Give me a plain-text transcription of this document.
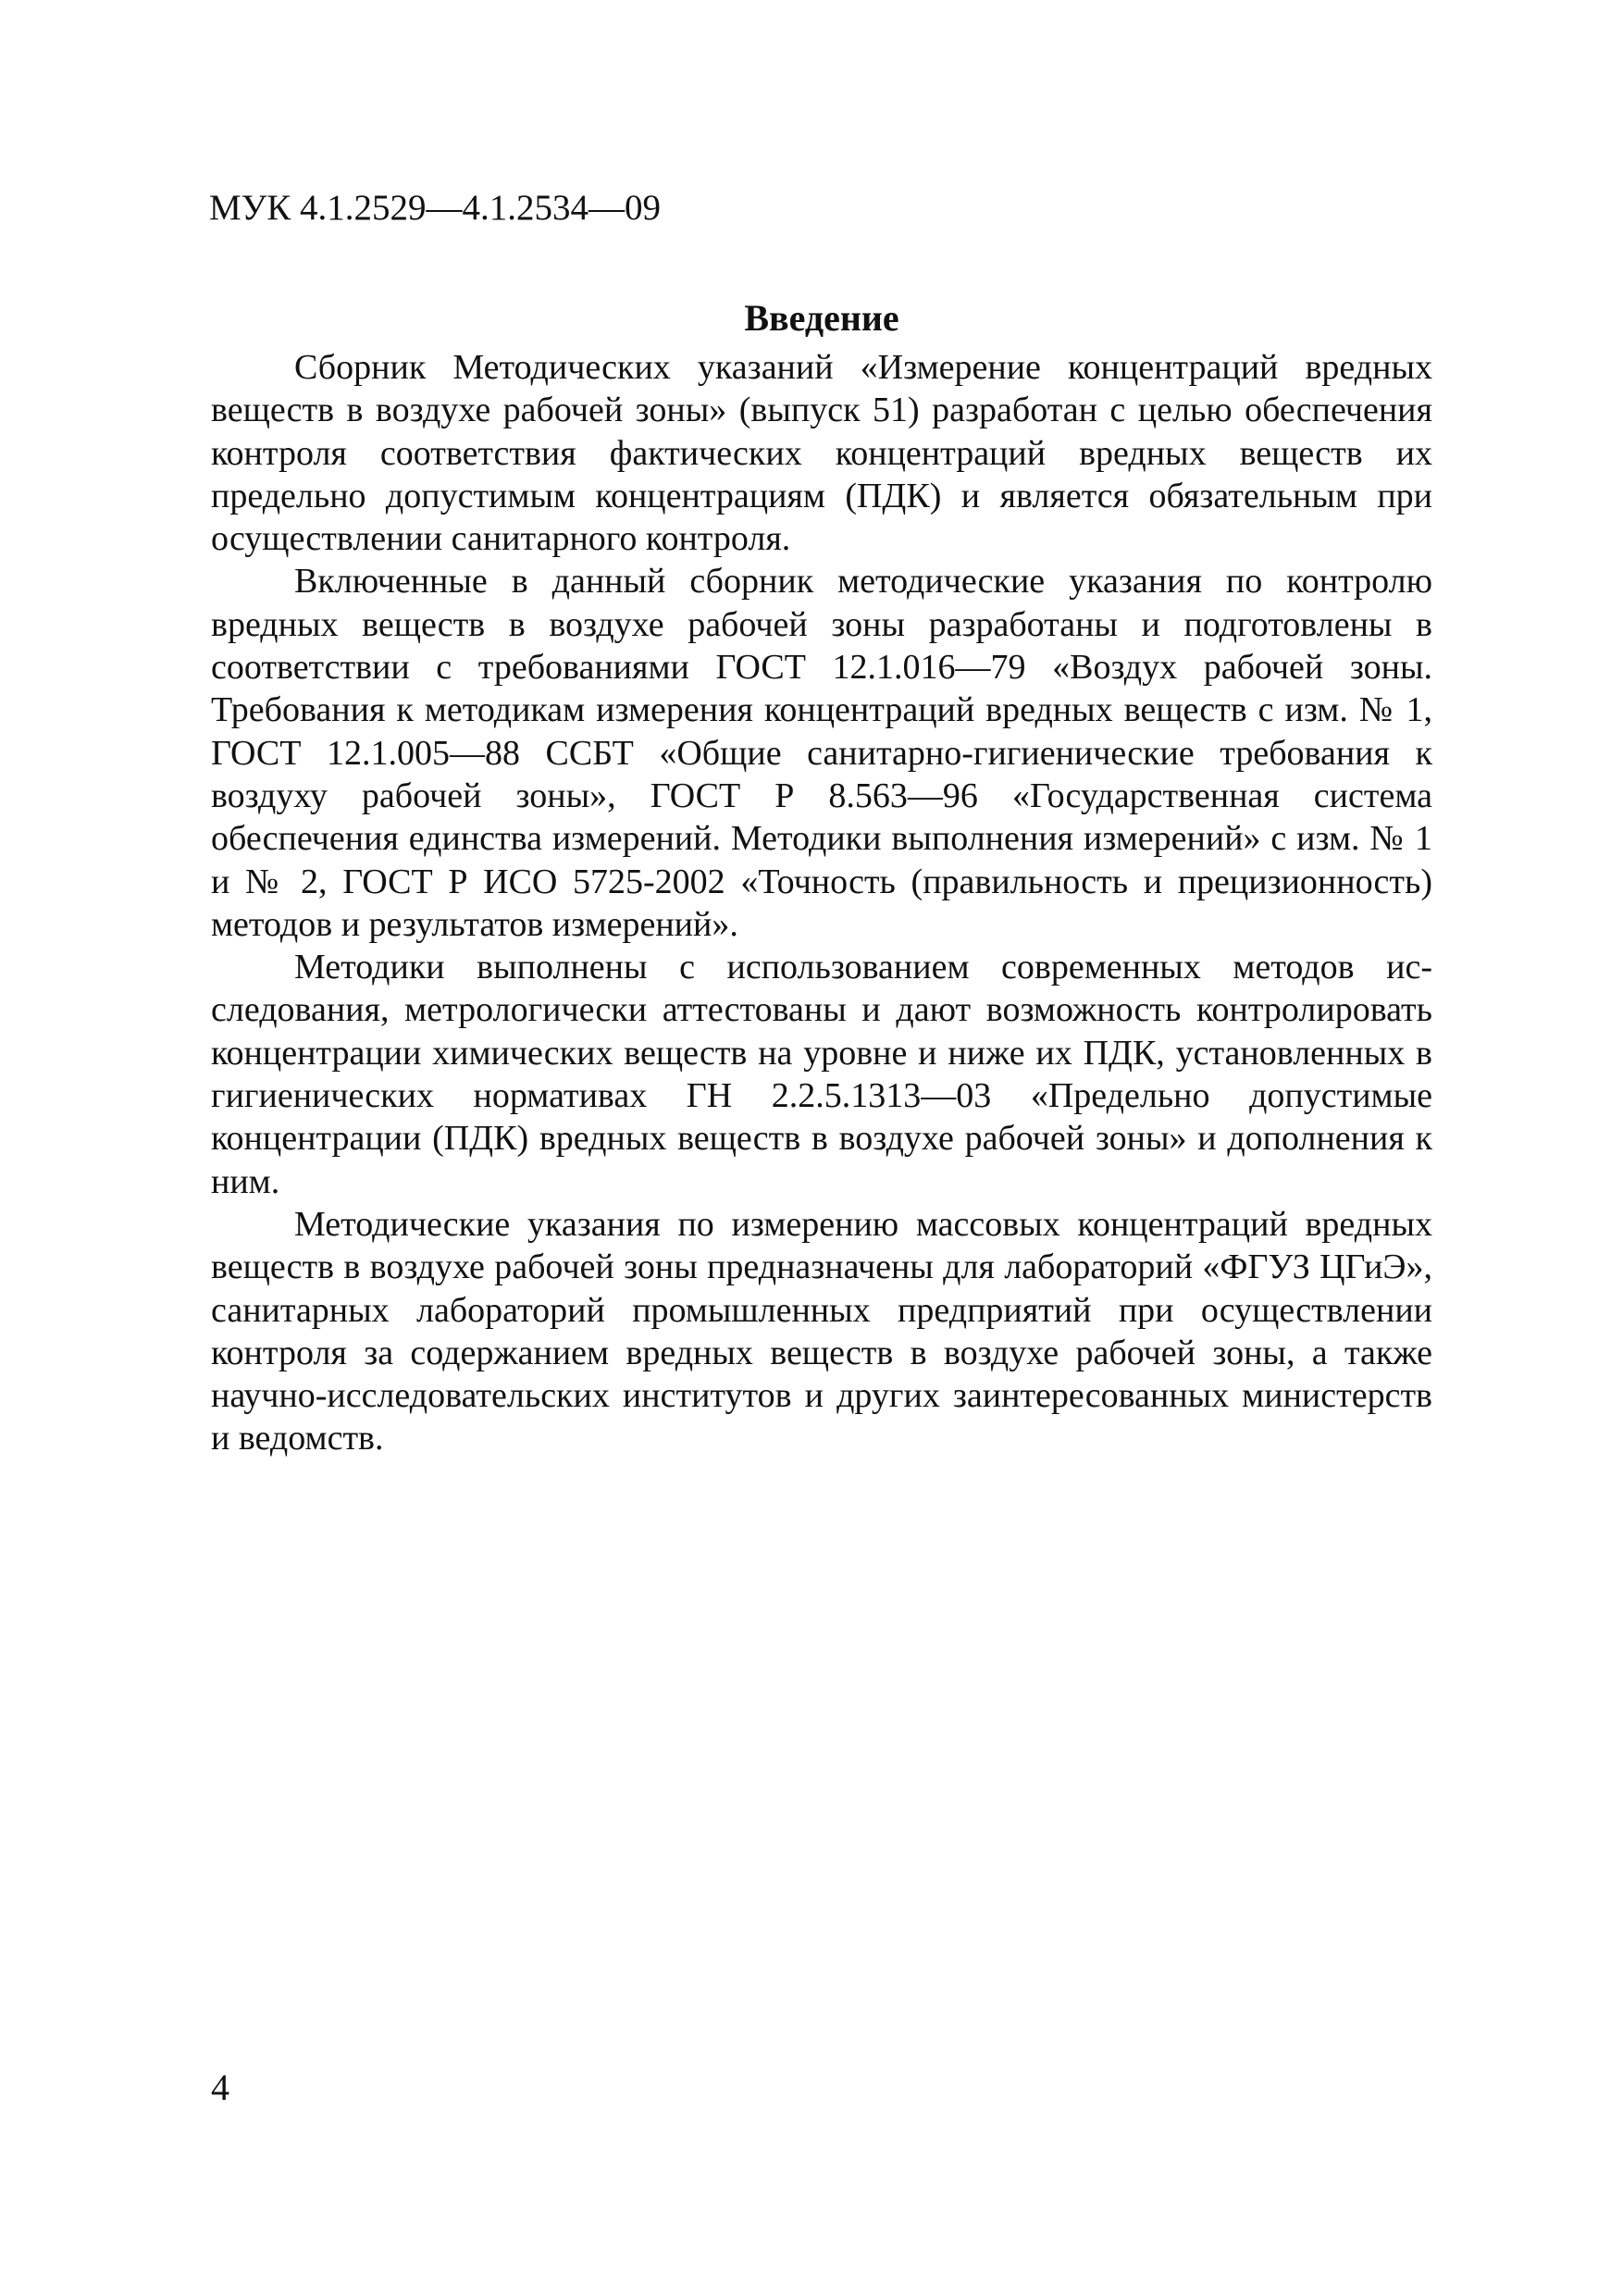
МУК 4.1.2529—4.1.2534—09
Введение

Сборник Методических указаний «Измерение концентраций вредных веществ в воздухе рабочей зоны» (выпуск 51) разработан с целью обеспечения контроля соответствия фактических концентраций вредных веществ их предельно допустимым концентрациям (ПДК) и является обязательным при осуществлении санитарного контроля.

Включенные в данный сборник методические указания по контролю вредных веществ в воздухе рабочей зоны разработаны и подготовлены в соответствии с требованиями ГОСТ 12.1.016—79 «Воздух рабочей зоны. Требования к методикам измерения концентраций вредных веществ с изм. № 1, ГОСТ 12.1.005—88 ССБТ «Общие санитарно-гигиенические требования к воздуху рабочей зоны», ГОСТ Р 8.563—96 «Государственная система обеспечения единства измерений. Методики выполнения измерений» с изм. № 1 и № 2, ГОСТ Р ИСО 5725-2002 «Точность (правильность и прецизионность) методов и результатов измерений».

Методики выполнены с использованием современных методов исследования, метрологически аттестованы и дают возможность контролировать концентрации химических веществ на уровне и ниже их ПДК, установленных в гигиенических нормативах ГН 2.2.5.1313—03 «Предельно допустимые концентрации (ПДК) вредных веществ в воздухе рабочей зоны» и дополнения к ним.

Методические указания по измерению массовых концентраций вредных веществ в воздухе рабочей зоны предназначены для лабораторий «ФГУЗ ЦГиЭ», санитарных лабораторий промышленных предприятий при осуществлении контроля за содержанием вредных веществ в воздухе рабочей зоны, а также научно-исследовательских институтов и других заинтересованных министерств и ведомств.

4
